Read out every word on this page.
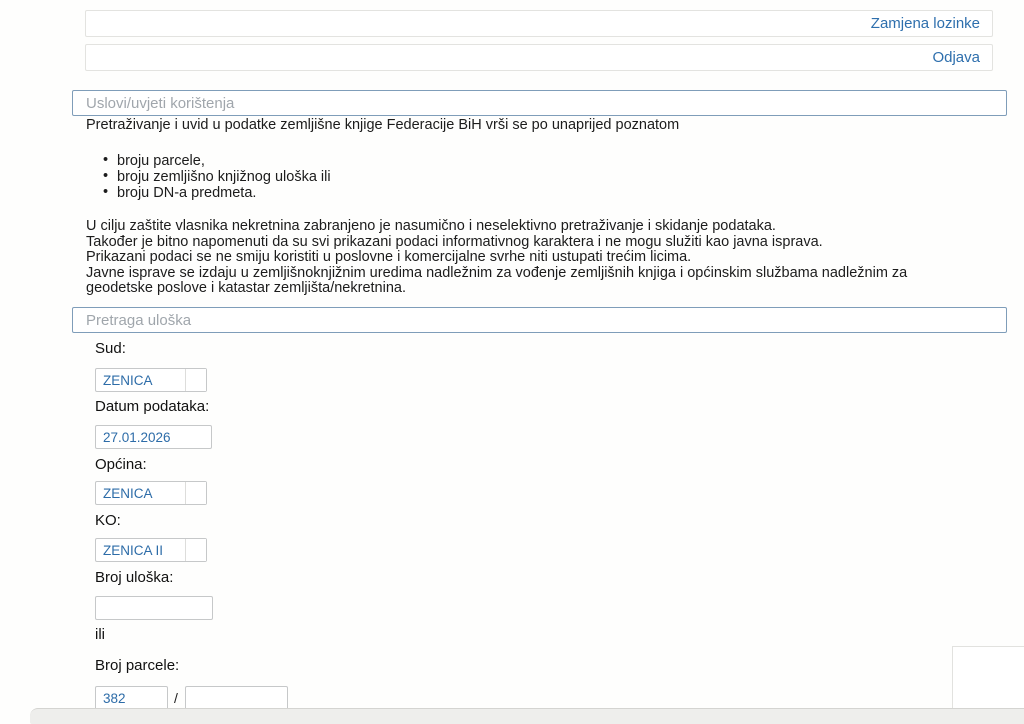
Zamjena lozinke
Odjava
Uslovi/uvjeti korištenja

Pretraživanje i uvid u podatke zemljišne knjige Federacije BiH vrši se po unaprijed poznatom

• broju parcele,
• broju zemljišno knjižnog uloška ili
• broju DN-a predmeta.

U cilju zaštite vlasnika nekretnina zabranjeno je nasumično i neselektivno pretraživanje i skidanje podataka.

Također je bitno napomenuti da su svi prikazani podaci informativnog karaktera i ne mogu služiti kao javna isprava.

Prikazani podaci se ne smiju koristiti u poslovne i komercijalne svrhe niti ustupati trećim licima.

Javne isprave se izdaju u zemljišnoknjižnim uredima nadležnim za vođenje zemljišnih knjiga i općinskim službama nadležnim za geodetske poslove i katastar zemljišta/nekretnina.

Pretraga uloška
Sud:
ZENICA
Datum podataka:
27.01.2026
Općina:
ZENICA
KO:
ZENICA II
Broj uloška:
ili
Broj parcele:
382
/
